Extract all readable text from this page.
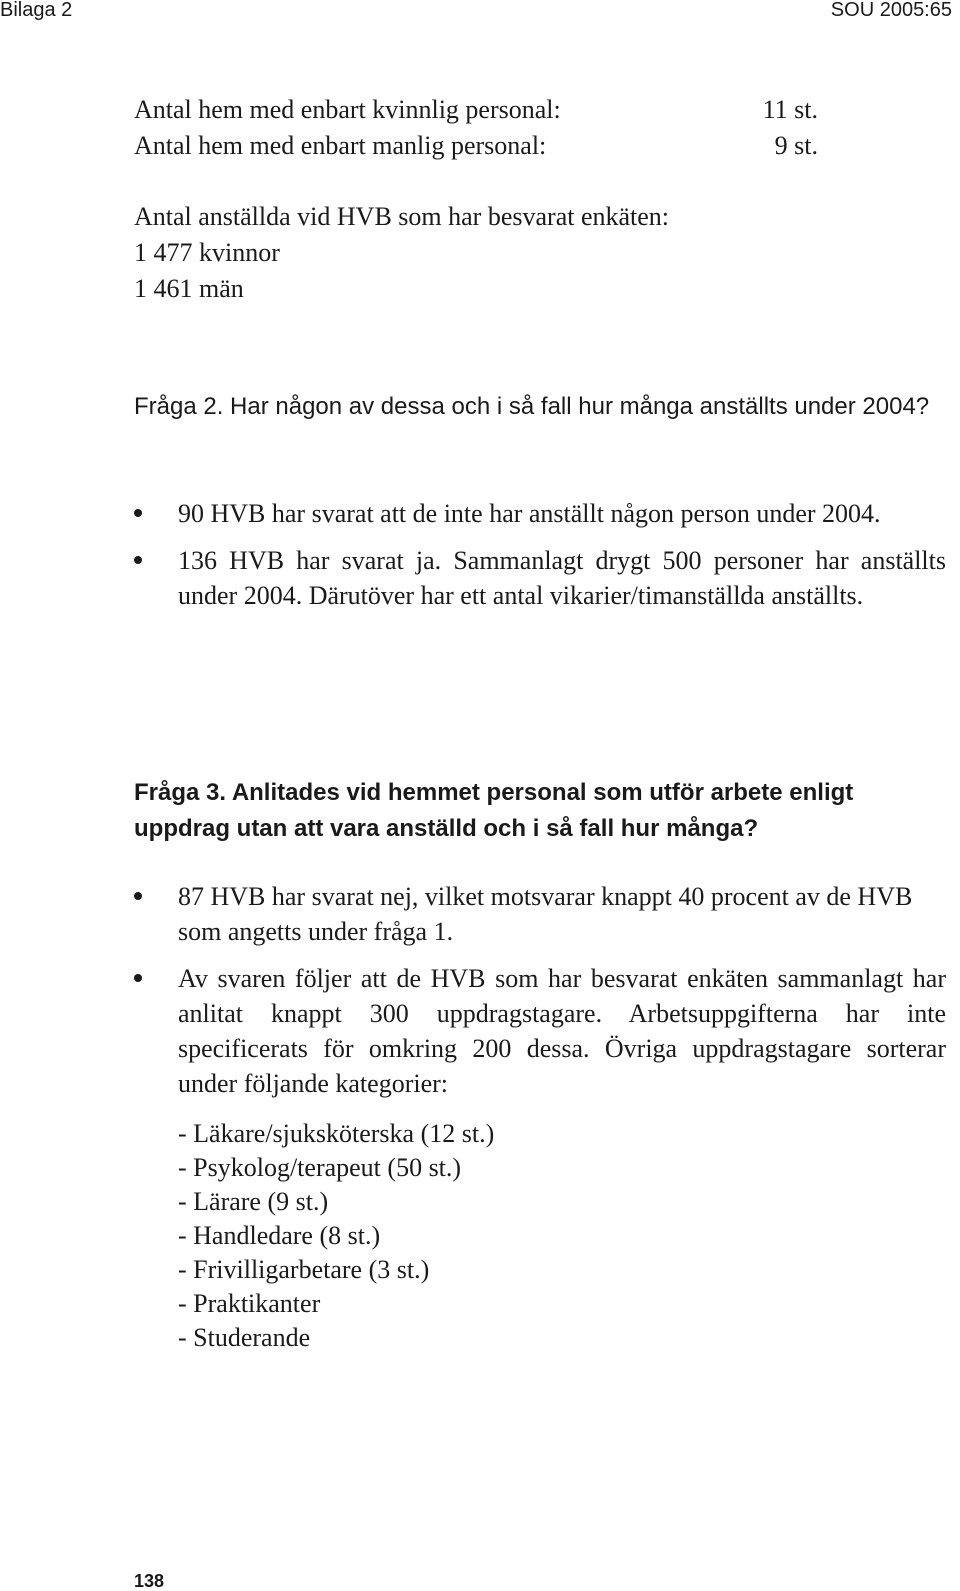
Bilaga 2	SOU 2005:65
Antal hem med enbart kvinnlig personal:	11 st.
Antal hem med enbart manlig personal:	9 st.
Antal anställda vid HVB som har besvarat enkäten:
1 477 kvinnor
1 461 män
Fråga 2. Har någon av dessa och i så fall hur många anställts under 2004?
90 HVB har svarat att de inte har anställt någon person under 2004.
136 HVB har svarat ja. Sammanlagt drygt 500 personer har anställts under 2004. Därutöver har ett antal vikarier/timanställda anställts.
Fråga 3. Anlitades vid hemmet personal som utför arbete enligt uppdrag utan att vara anställd och i så fall hur många?
87 HVB har svarat nej, vilket motsvarar knappt 40 procent av de HVB som angetts under fråga 1.
Av svaren följer att de HVB som har besvarat enkäten sammanlagt har anlitat knappt 300 uppdragstagare. Arbetsuppgifterna har inte specificerats för omkring 200 dessa. Övriga uppdragstagare sorterar under följande kategorier:
- Läkare/sjuksköterska (12 st.)
- Psykolog/terapeut (50 st.)
- Lärare (9 st.)
- Handledare (8 st.)
- Frivilligarbetare (3 st.)
- Praktikanter
- Studerande
138
